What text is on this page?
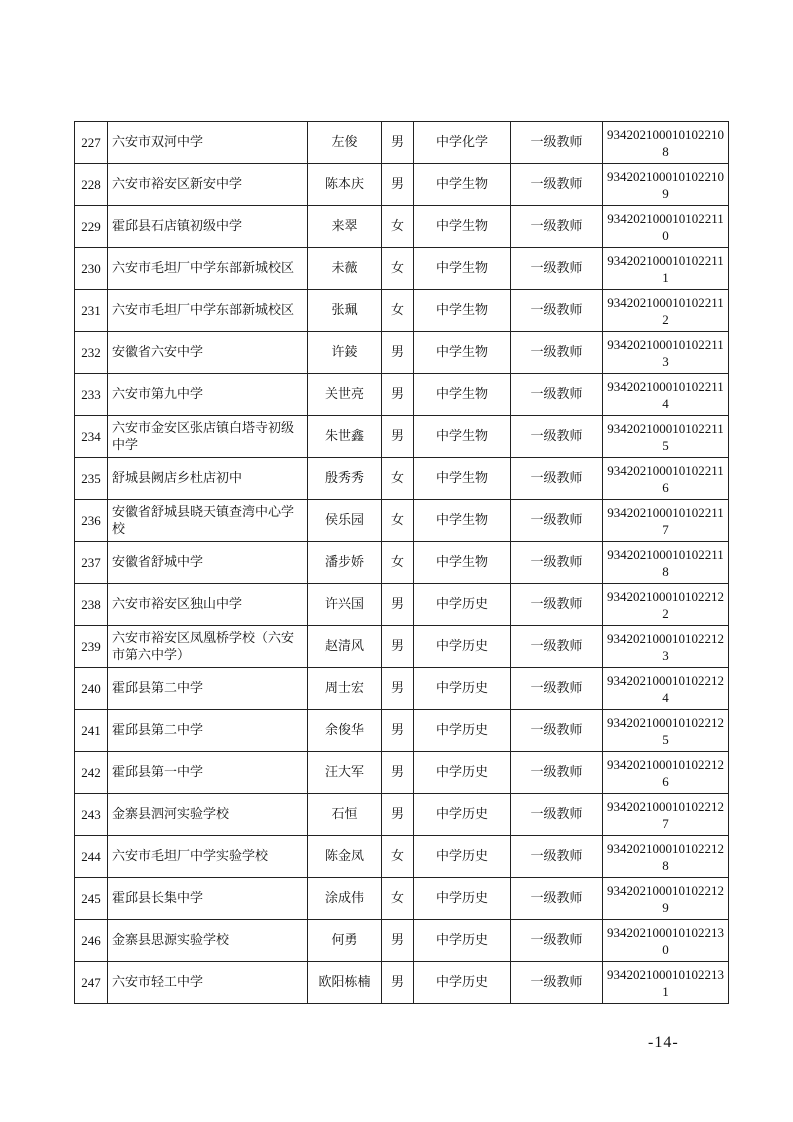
227	六安市双河中学	左俊	男	中学化学	一级教师	9342021000101022108
228	六安市裕安区新安中学	陈本庆	男	中学生物	一级教师	9342021000101022109
229	霍邱县石店镇初级中学	来翠	女	中学生物	一级教师	9342021000101022110
230	六安市毛坦厂中学东部新城校区	未薇	女	中学生物	一级教师	9342021000101022111
231	六安市毛坦厂中学东部新城校区	张珮	女	中学生物	一级教师	9342021000101022112
232	安徽省六安中学	许錂	男	中学生物	一级教师	9342021000101022113
233	六安市第九中学	关世亮	男	中学生物	一级教师	9342021000101022114
234	六安市金安区张店镇白塔寺初级中学	朱世鑫	男	中学生物	一级教师	9342021000101022115
235	舒城县阙店乡杜店初中	殷秀秀	女	中学生物	一级教师	9342021000101022116
236	安徽省舒城县晓天镇查湾中心学校	侯乐园	女	中学生物	一级教师	9342021000101022117
237	安徽省舒城中学	潘步娇	女	中学生物	一级教师	9342021000101022118
238	六安市裕安区独山中学	许兴国	男	中学历史	一级教师	9342021000101022122
239	六安市裕安区凤凰桥学校（六安市第六中学）	赵清风	男	中学历史	一级教师	9342021000101022123
240	霍邱县第二中学	周士宏	男	中学历史	一级教师	9342021000101022124
241	霍邱县第二中学	余俊华	男	中学历史	一级教师	9342021000101022125
242	霍邱县第一中学	汪大军	男	中学历史	一级教师	9342021000101022126
243	金寨县泗河实验学校	石恒	男	中学历史	一级教师	9342021000101022127
244	六安市毛坦厂中学实验学校	陈金凤	女	中学历史	一级教师	9342021000101022128
245	霍邱县长集中学	涂成伟	女	中学历史	一级教师	9342021000101022129
246	金寨县思源实验学校	何勇	男	中学历史	一级教师	9342021000101022130
247	六安市轻工中学	欧阳栋楠	男	中学历史	一级教师	9342021000101022131
-14-
